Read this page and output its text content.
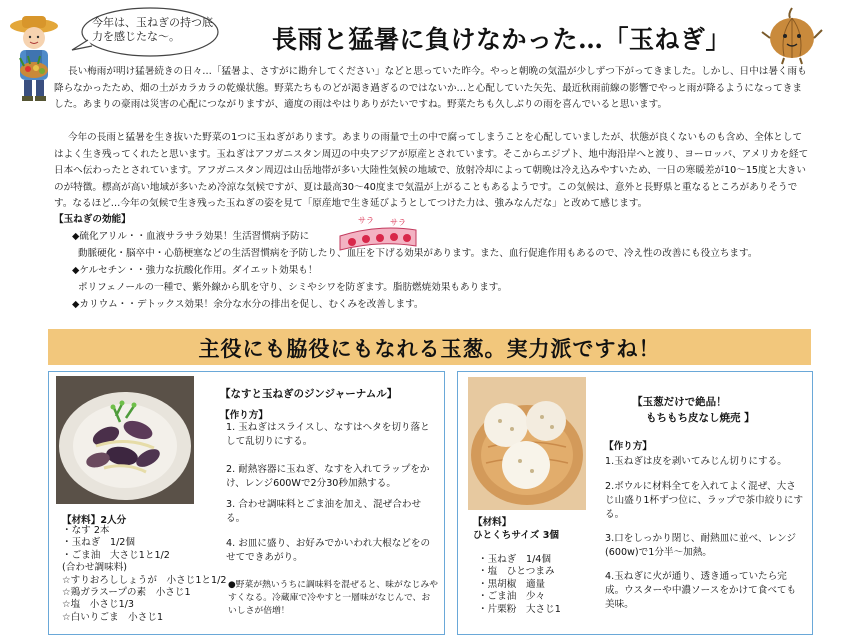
今年は、玉ねぎの持つ底力を感じたな～。	長雨と猛暑に負けなかった…「玉ねぎ」
長い梅雨が明け猛暑続きの日々…「猛暑よ、さすがに勘弁してください」などと思っていた昨今。やっと朝晩の気温が少しずつ下がってきました。しかし、日中は暑く雨も降らなかったため、畑の土がカラカラの乾燥状態。野菜たちものどが渇き過ぎるのではないか…と心配していた矢先、最近秋雨前線の影響でやっと雨が降るようになってきました。あまりの豪雨は災害の心配につながりますが、適度の雨はやはりありがたいですね。野菜たちも久しぶりの雨を喜んでいると思います。
今年の長雨と猛暑を生き抜いた野菜の1つに玉ねぎがあります。あまりの雨量で土の中で腐ってしまうことを心配していましたが、状態が良くないものも含め、全体としてはよく生き残ってくれたと思います。玉ねぎはアフガニスタン周辺の中央アジアが原産とされています。そこからエジプト、地中海沿岸へと渡り、ヨーロッパ、アメリカを経て日本へ伝わったとされています。アフガニスタン周辺は山岳地帯が多い大陸性気候の地域で、放射冷却によって朝晩は冷え込みやすいため、一日の寒暖差が10～15度と大きいのが特徴。標高が高い地域が多いため冷涼な気候ですが、夏は最高30～40度まで気温が上がることもあるようです。この気候は、意外と長野県と重なるところがありそうです。なるほど…今年の気候で生き残った玉ねぎの姿を見て「原産地で生き延びようとしてつけた力は、強みなんだな」と改めて感じます。
【玉ねぎの効能】
◆硫化アリル・・血液サラサラ効果！生活習慣病予防に
動脈硬化・脳卒中・心筋梗塞などの生活習慣病を予防したり、血圧を下げる効果があります。また、血行促進作用もあるので、冷え性の改善にも役立ちます。
◆ケルセチン・・強力な抗酸化作用。ダイエット効果も！
ポリフェノールの一種で、紫外線から肌を守り、シミやシワを防ぎます。脂肪燃焼効果もあります。
◆カリウム・・デトックス効果！余分な水分の排出を促し、むくみを改善します。
サラ サラ
主役にも脇役にもなれる玉葱。実力派ですね！
【なすと玉ねぎのジンジャーナムル】
【作り方】
1. 玉ねぎはスライスし、なすはヘタを切り落として乱切りにする。
2. 耐熱容器に玉ねぎ、なすを入れてラップをかけ、レンジ600Wで2分30秒加熱する。
3. 合わせ調味料とごま油を加え、混ぜ合わせる。
4. お皿に盛り、お好みでかいわれ大根などをのせてできあがり。
●野菜が熱いうちに調味料を混ぜると、味がなじみやすくなる。冷蔵庫で冷やすと一層味がなじんで、おいしさが倍増！
【材料】2人分
・なす 2本
・玉ねぎ　1/2個
・ごま油　大さじ1と1/2
(合わせ調味料)
☆すりおろししょうが　小さじ1と1/2
☆鶏ガラスープの素　小さじ1
☆塩　小さじ1/3
☆白いりごま　小さじ1
【玉葱だけで絶品！
もちもち皮なし焼売 】
【作り方】
1.玉ねぎは皮を剥いてみじん切りにする。
2.ボウルに材料全てを入れてよく混ぜ、大さじ山盛り1杯ずつ位に、ラップで茶巾絞りにする。
3.口をしっかり閉じ、耐熱皿に並べ、レンジ(600w)で1分半～加熱。
4.玉ねぎに火が通り、透き通っていたら完成。ウスターや中濃ソースをかけて食べても美味。
【材料】
ひとくちサイズ 3個
・玉ねぎ　1/4個
・塩　ひとつまみ
・黒胡椒　適量
・ごま油　少々
・片栗粉　大さじ1
